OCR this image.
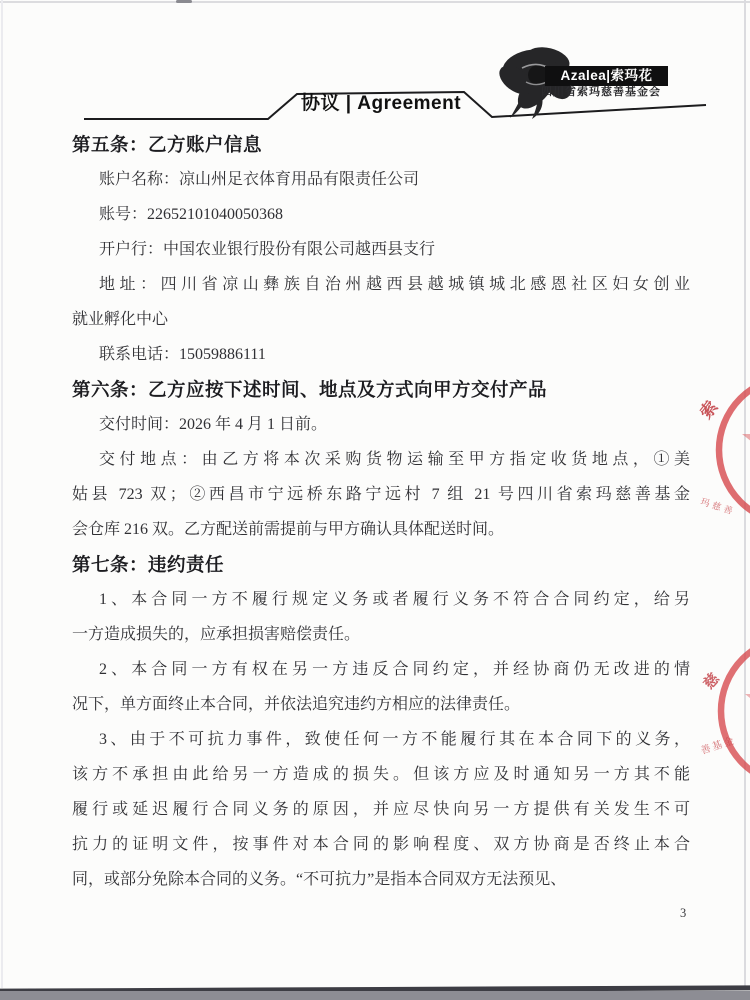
协议 | Agreement
Azalea|索玛花
四川省索玛慈善基金会
第五条：乙方账户信息
账户名称：凉山州足衣体育用品有限责任公司
账号：22652101040050368
开户行：中国农业银行股份有限公司越西县支行
地址：四川省凉山彝族自治州越西县越城镇城北感恩社区妇女创业
就业孵化中心
联系电话：15059886111
第六条：乙方应按下述时间、地点及方式向甲方交付产品
交付时间：2026 年 4 月 1 日前。
交付地点：由乙方将本次采购货物运输至甲方指定收货地点，①美
姑县 723 双；②西昌市宁远桥东路宁远村 7 组 21 号四川省索玛慈善基金
会仓库 216 双。乙方配送前需提前与甲方确认具体配送时间。
第七条：违约责任
1、本合同一方不履行规定义务或者履行义务不符合合同约定，给另
一方造成损失的，应承担损害赔偿责任。
2、本合同一方有权在另一方违反合同约定，并经协商仍无改进的情
况下，单方面终止本合同，并依法追究违约方相应的法律责任。
3、由于不可抗力事件，致使任何一方不能履行其在本合同下的义务，
该方不承担由此给另一方造成的损失。但该方应及时通知另一方其不能
履行或延迟履行合同义务的原因，并应尽快向另一方提供有关发生不可
抗力的证明文件，按事件对本合同的影响程度、双方协商是否终止本合
同，或部分免除本合同的义务。“不可抗力”是指本合同双方无法预见、
3
索
玛慈善
慈
善基金
